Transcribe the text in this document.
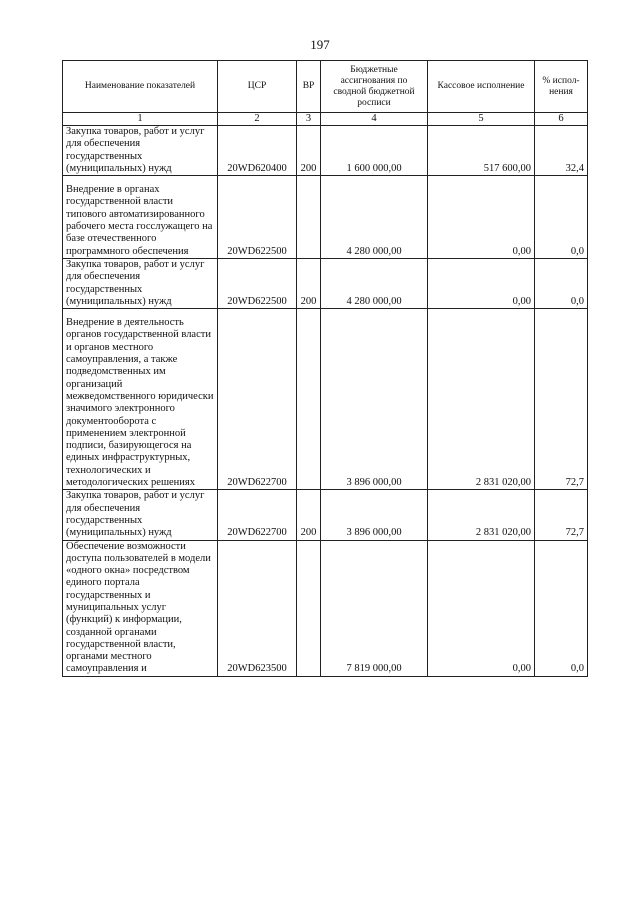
197
Наименование показателей	ЦСР	ВР	Бюджетные ассигнования по сводной бюджетной росписи	Кассовое исполнение	% испол-нения
1	2	3	4	5	6
Закупка товаров, работ и услуг для обеспечения государственных (муниципальных) нужд	20WD620400	200	1 600 000,00	517 600,00	32,4
Внедрение в органах государственной власти типового автоматизированного рабочего места госслужащего на базе отечественного программного обеспечения	20WD622500		4 280 000,00	0,00	0,0
Закупка товаров, работ и услуг для обеспечения государственных (муниципальных) нужд	20WD622500	200	4 280 000,00	0,00	0,0
Внедрение в деятельность органов государственной власти и органов местного самоуправления, а также подведомственных им организаций межведомственного юридически значимого электронного документооборота с применением электронной подписи, базирующегося на единых инфраструктурных, технологических и методологических решениях	20WD622700		3 896 000,00	2 831 020,00	72,7
Закупка товаров, работ и услуг для обеспечения государственных (муниципальных) нужд	20WD622700	200	3 896 000,00	2 831 020,00	72,7
Обеспечение возможности доступа пользователей в модели «одного окна» посредством единого портала государственных и муниципальных услуг (функций) к информации, созданной органами государственной власти, органами местного самоуправления и	20WD623500		7 819 000,00	0,00	0,0
